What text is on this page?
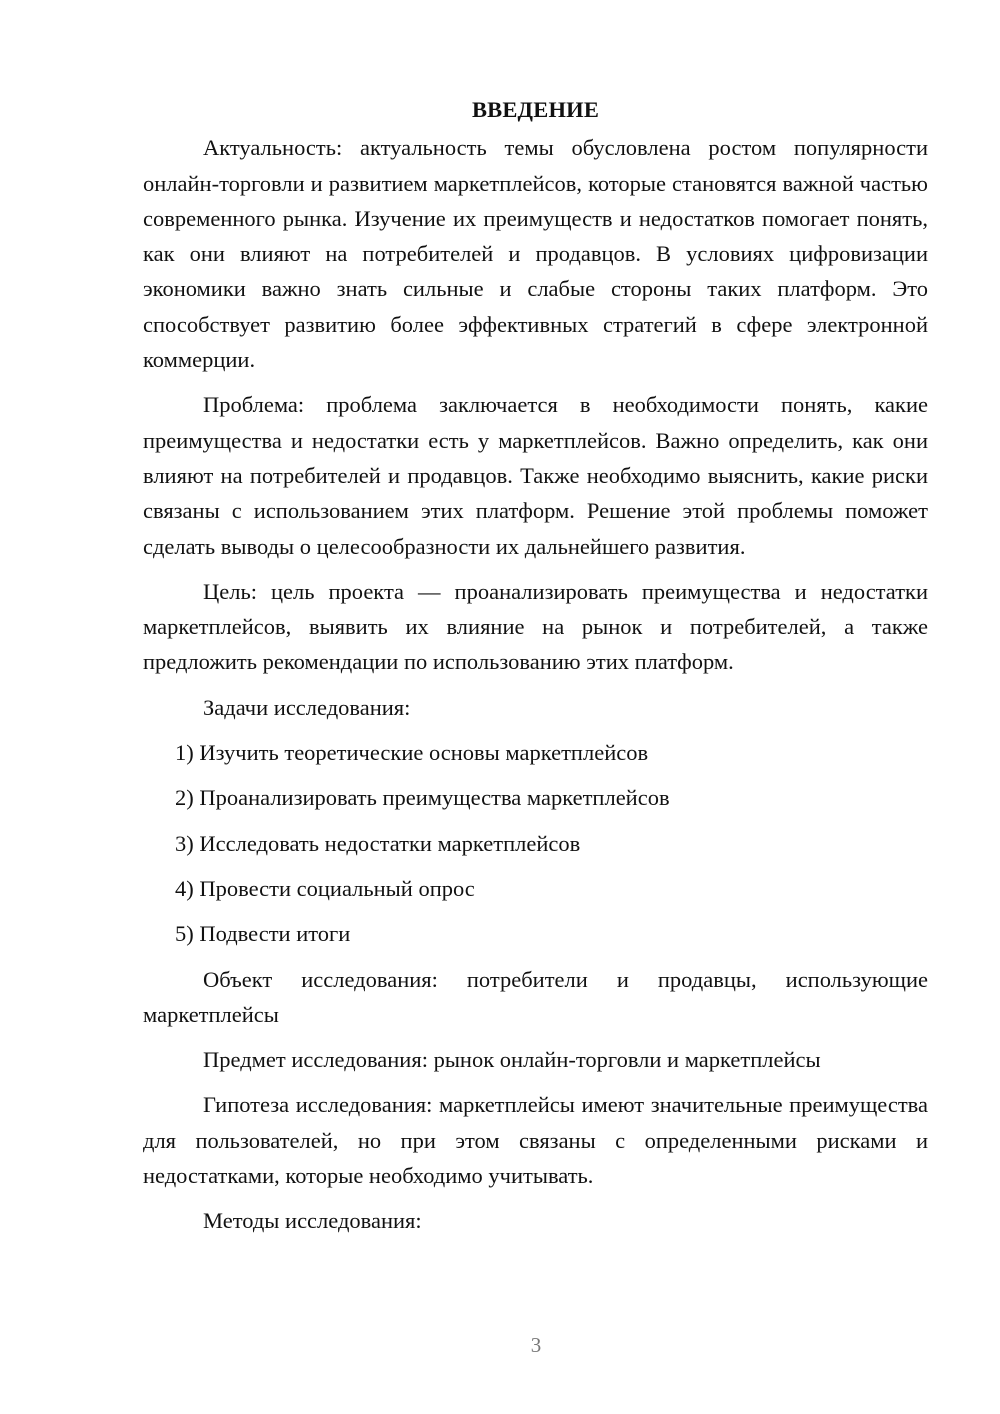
ВВЕДЕНИЕ

Актуальность: актуальность темы обусловлена ростом популярности онлайн-торговли и развитием маркетплейсов, которые становятся важной частью современного рынка. Изучение их преимуществ и недостатков помогает понять, как они влияют на потребителей и продавцов. В условиях цифровизации экономики важно знать сильные и слабые стороны таких платформ. Это способствует развитию более эффективных стратегий в сфере электронной коммерции.

Проблема: проблема заключается в необходимости понять, какие преимущества и недостатки есть у маркетплейсов. Важно определить, как они влияют на потребителей и продавцов. Также необходимо выяснить, какие риски связаны с использованием этих платформ. Решение этой проблемы поможет сделать выводы о целесообразности их дальнейшего развития.

Цель: цель проекта — проанализировать преимущества и недостатки маркетплейсов, выявить их влияние на рынок и потребителей, а также предложить рекомендации по использованию этих платформ.

Задачи исследования:

1) Изучить теоретические основы маркетплейсов

2) Проанализировать преимущества маркетплейсов

3) Исследовать недостатки маркетплейсов

4) Провести социальный опрос

5) Подвести итоги

Объект исследования: потребители и продавцы, использующие маркетплейсы

Предмет исследования: рынок онлайн-торговли и маркетплейсы

Гипотеза исследования: маркетплейсы имеют значительные преимущества для пользователей, но при этом связаны с определенными рисками и недостатками, которые необходимо учитывать.

Методы исследования:

3
